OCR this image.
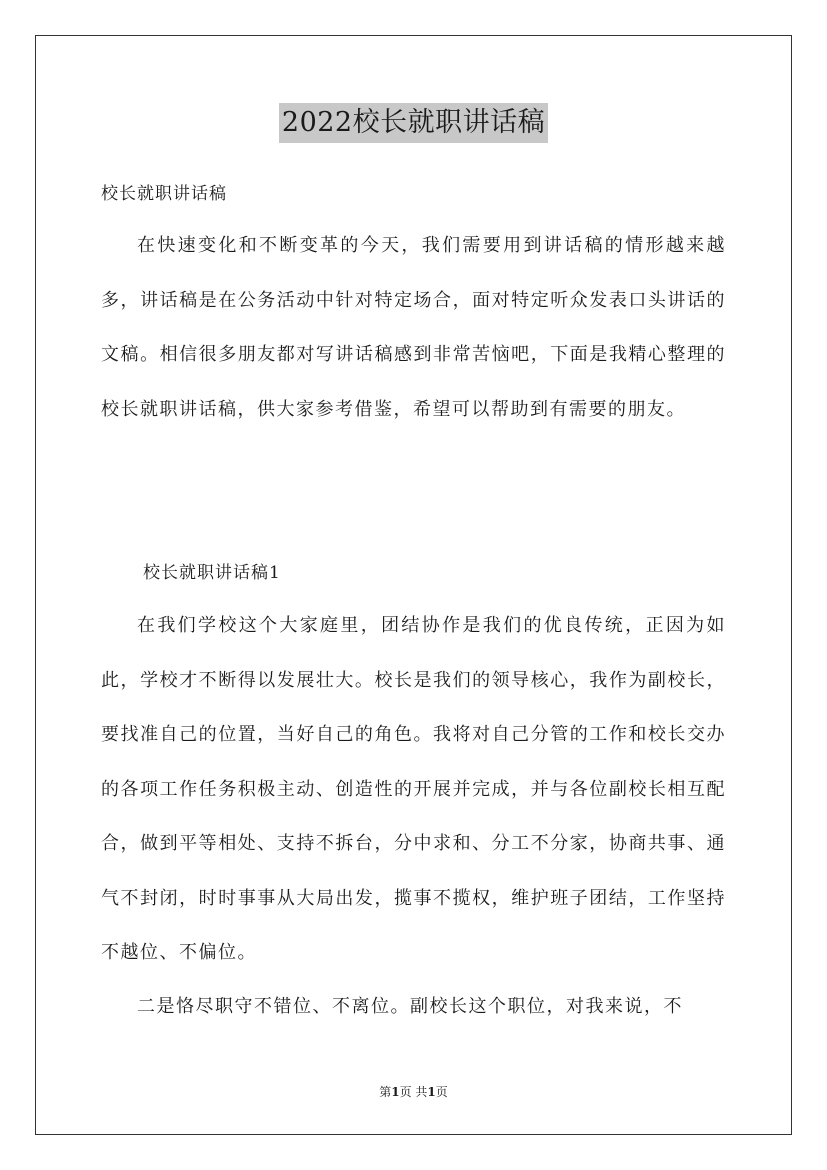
2022校长就职讲话稿
校长就职讲话稿

在快速变化和不断变革的今天，我们需要用到讲话稿的情形越来越多，讲话稿是在公务活动中针对特定场合，面对特定听众发表口头讲话的文稿。相信很多朋友都对写讲话稿感到非常苦恼吧，下面是我精心整理的校长就职讲话稿，供大家参考借鉴，希望可以帮助到有需要的朋友。

校长就职讲话稿1

在我们学校这个大家庭里，团结协作是我们的优良传统，正因为如此，学校才不断得以发展壮大。校长是我们的领导核心，我作为副校长，要找准自己的位置，当好自己的角色。我将对自己分管的工作和校长交办的各项工作任务积极主动、创造性的开展并完成，并与各位副校长相互配合，做到平等相处、支持不拆台，分中求和、分工不分家，协商共事、通气不封闭，时时事事从大局出发，揽事不揽权，维护班子团结，工作坚持不越位、不偏位。

二是恪尽职守不错位、不离位。副校长这个职位，对我来说，不

第1页 共1页
